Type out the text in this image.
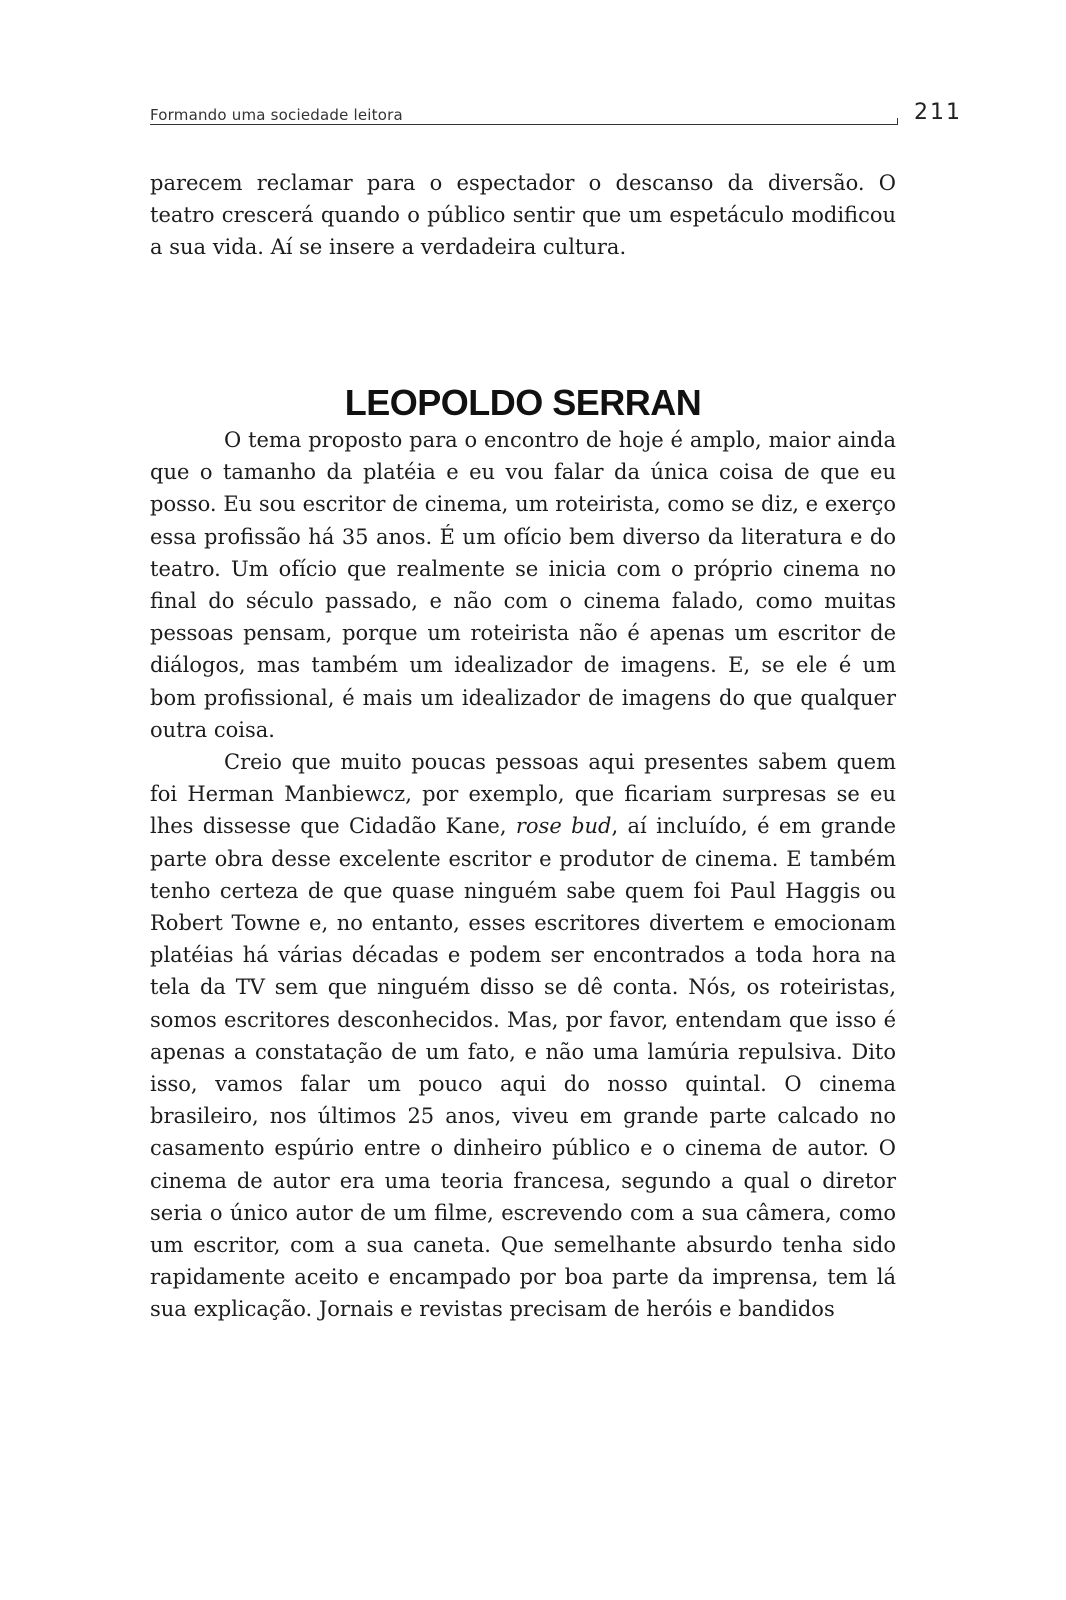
Formando uma sociedade leitora	211

parecem reclamar para o espectador o descanso da diversão. O teatro crescerá quando o público sentir que um espetáculo modificou a sua vida. Aí se insere a verdadeira cultura.

LEOPOLDO SERRAN

O tema proposto para o encontro de hoje é amplo, maior ainda que o tamanho da platéia e eu vou falar da única coisa de que eu posso. Eu sou escritor de cinema, um roteirista, como se diz, e exerço essa profissão há 35 anos. É um ofício bem diverso da literatura e do teatro. Um ofício que realmente se inicia com o próprio cinema no final do século passado, e não com o cinema falado, como muitas pessoas pensam, porque um roteirista não é apenas um escritor de diálogos, mas também um idealizador de imagens. E, se ele é um bom profissional, é mais um idealizador de imagens do que qualquer outra coisa.

Creio que muito poucas pessoas aqui presentes sabem quem foi Herman Manbiewcz, por exemplo, que ficariam surpresas se eu lhes dissesse que Cidadão Kane, rose bud, aí incluído, é em grande parte obra desse excelente escritor e produtor de cinema. E também tenho certeza de que quase ninguém sabe quem foi Paul Haggis ou Robert Towne e, no entanto, esses escritores divertem e emocionam platéias há várias décadas e podem ser encontrados a toda hora na tela da TV sem que ninguém disso se dê conta. Nós, os roteiristas, somos escritores desconhecidos. Mas, por favor, entendam que isso é apenas a constatação de um fato, e não uma lamúria repulsiva. Dito isso, vamos falar um pouco aqui do nosso quintal. O cinema brasileiro, nos últimos 25 anos, viveu em grande parte calcado no casamento espúrio entre o dinheiro público e o cinema de autor. O cinema de autor era uma teoria francesa, segundo a qual o diretor seria o único autor de um filme, escrevendo com a sua câmera, como um escritor, com a sua caneta. Que semelhante absurdo tenha sido rapidamente aceito e encampado por boa parte da imprensa, tem lá sua explicação. Jornais e revistas precisam de heróis e bandidos
